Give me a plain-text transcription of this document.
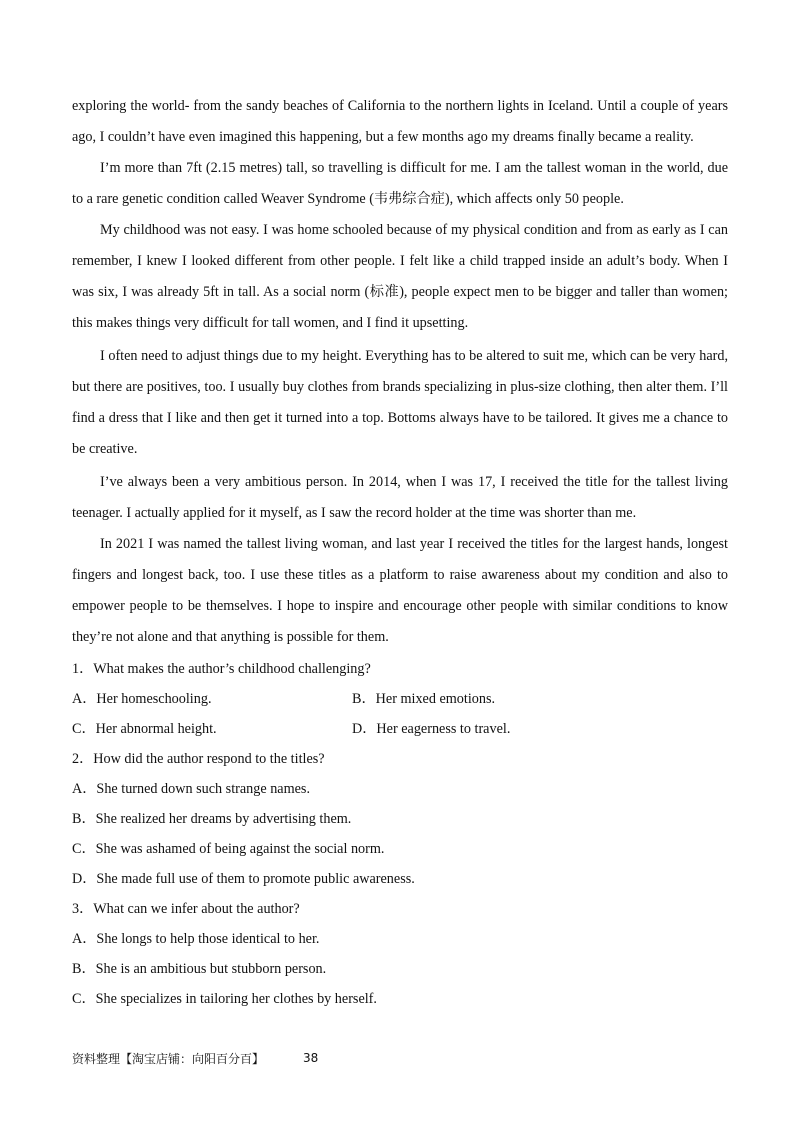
exploring the world- from the sandy beaches of California to the northern lights in Iceland. Until a couple of years ago, I couldn’t have even imagined this happening, but a few months ago my dreams finally became a reality.

I’m more than 7ft (2.15 metres) tall, so travelling is difficult for me. I am the tallest woman in the world, due to a rare genetic condition called Weaver Syndrome (韦弗综合症), which affects only 50 people.

My childhood was not easy. I was home schooled because of my physical condition and from as early as I can remember, I knew I looked different from other people. I felt like a child trapped inside an adult’s body. When I was six, I was already 5ft in tall. As a social norm (标准), people expect men to be bigger and taller than women; this makes things very difficult for tall women, and I find it upsetting.

I often need to adjust things due to my height. Everything has to be altered to suit me, which can be very hard, but there are positives, too. I usually buy clothes from brands specializing in plus-size clothing, then alter them. I’ll find a dress that I like and then get it turned into a top. Bottoms always have to be tailored. It gives me a chance to be creative.

I’ve always been a very ambitious person. In 2014, when I was 17, I received the title for the tallest living teenager. I actually applied for it myself, as I saw the record holder at the time was shorter than me.

In 2021 I was named the tallest living woman, and last year I received the titles for the largest hands, longest fingers and longest back, too. I use these titles as a platform to raise awareness about my condition and also to empower people to be themselves. I hope to inspire and encourage other people with similar conditions to know they’re not alone and that anything is possible for them.

1．What makes the author’s childhood challenging?

A．Her homeschooling.	B．Her mixed emotions.

C．Her abnormal height.	D．Her eagerness to travel.

2．How did the author respond to the titles?

A．She turned down such strange names.

B．She realized her dreams by advertising them.

C．She was ashamed of being against the social norm.

D．She made full use of them to promote public awareness.

3．What can we infer about the author?

A．She longs to help those identical to her.

B．She is an ambitious but stubborn person.

C．She specializes in tailoring her clothes by herself.

资料整理【淘宝店铺：向阳百分百】	38
